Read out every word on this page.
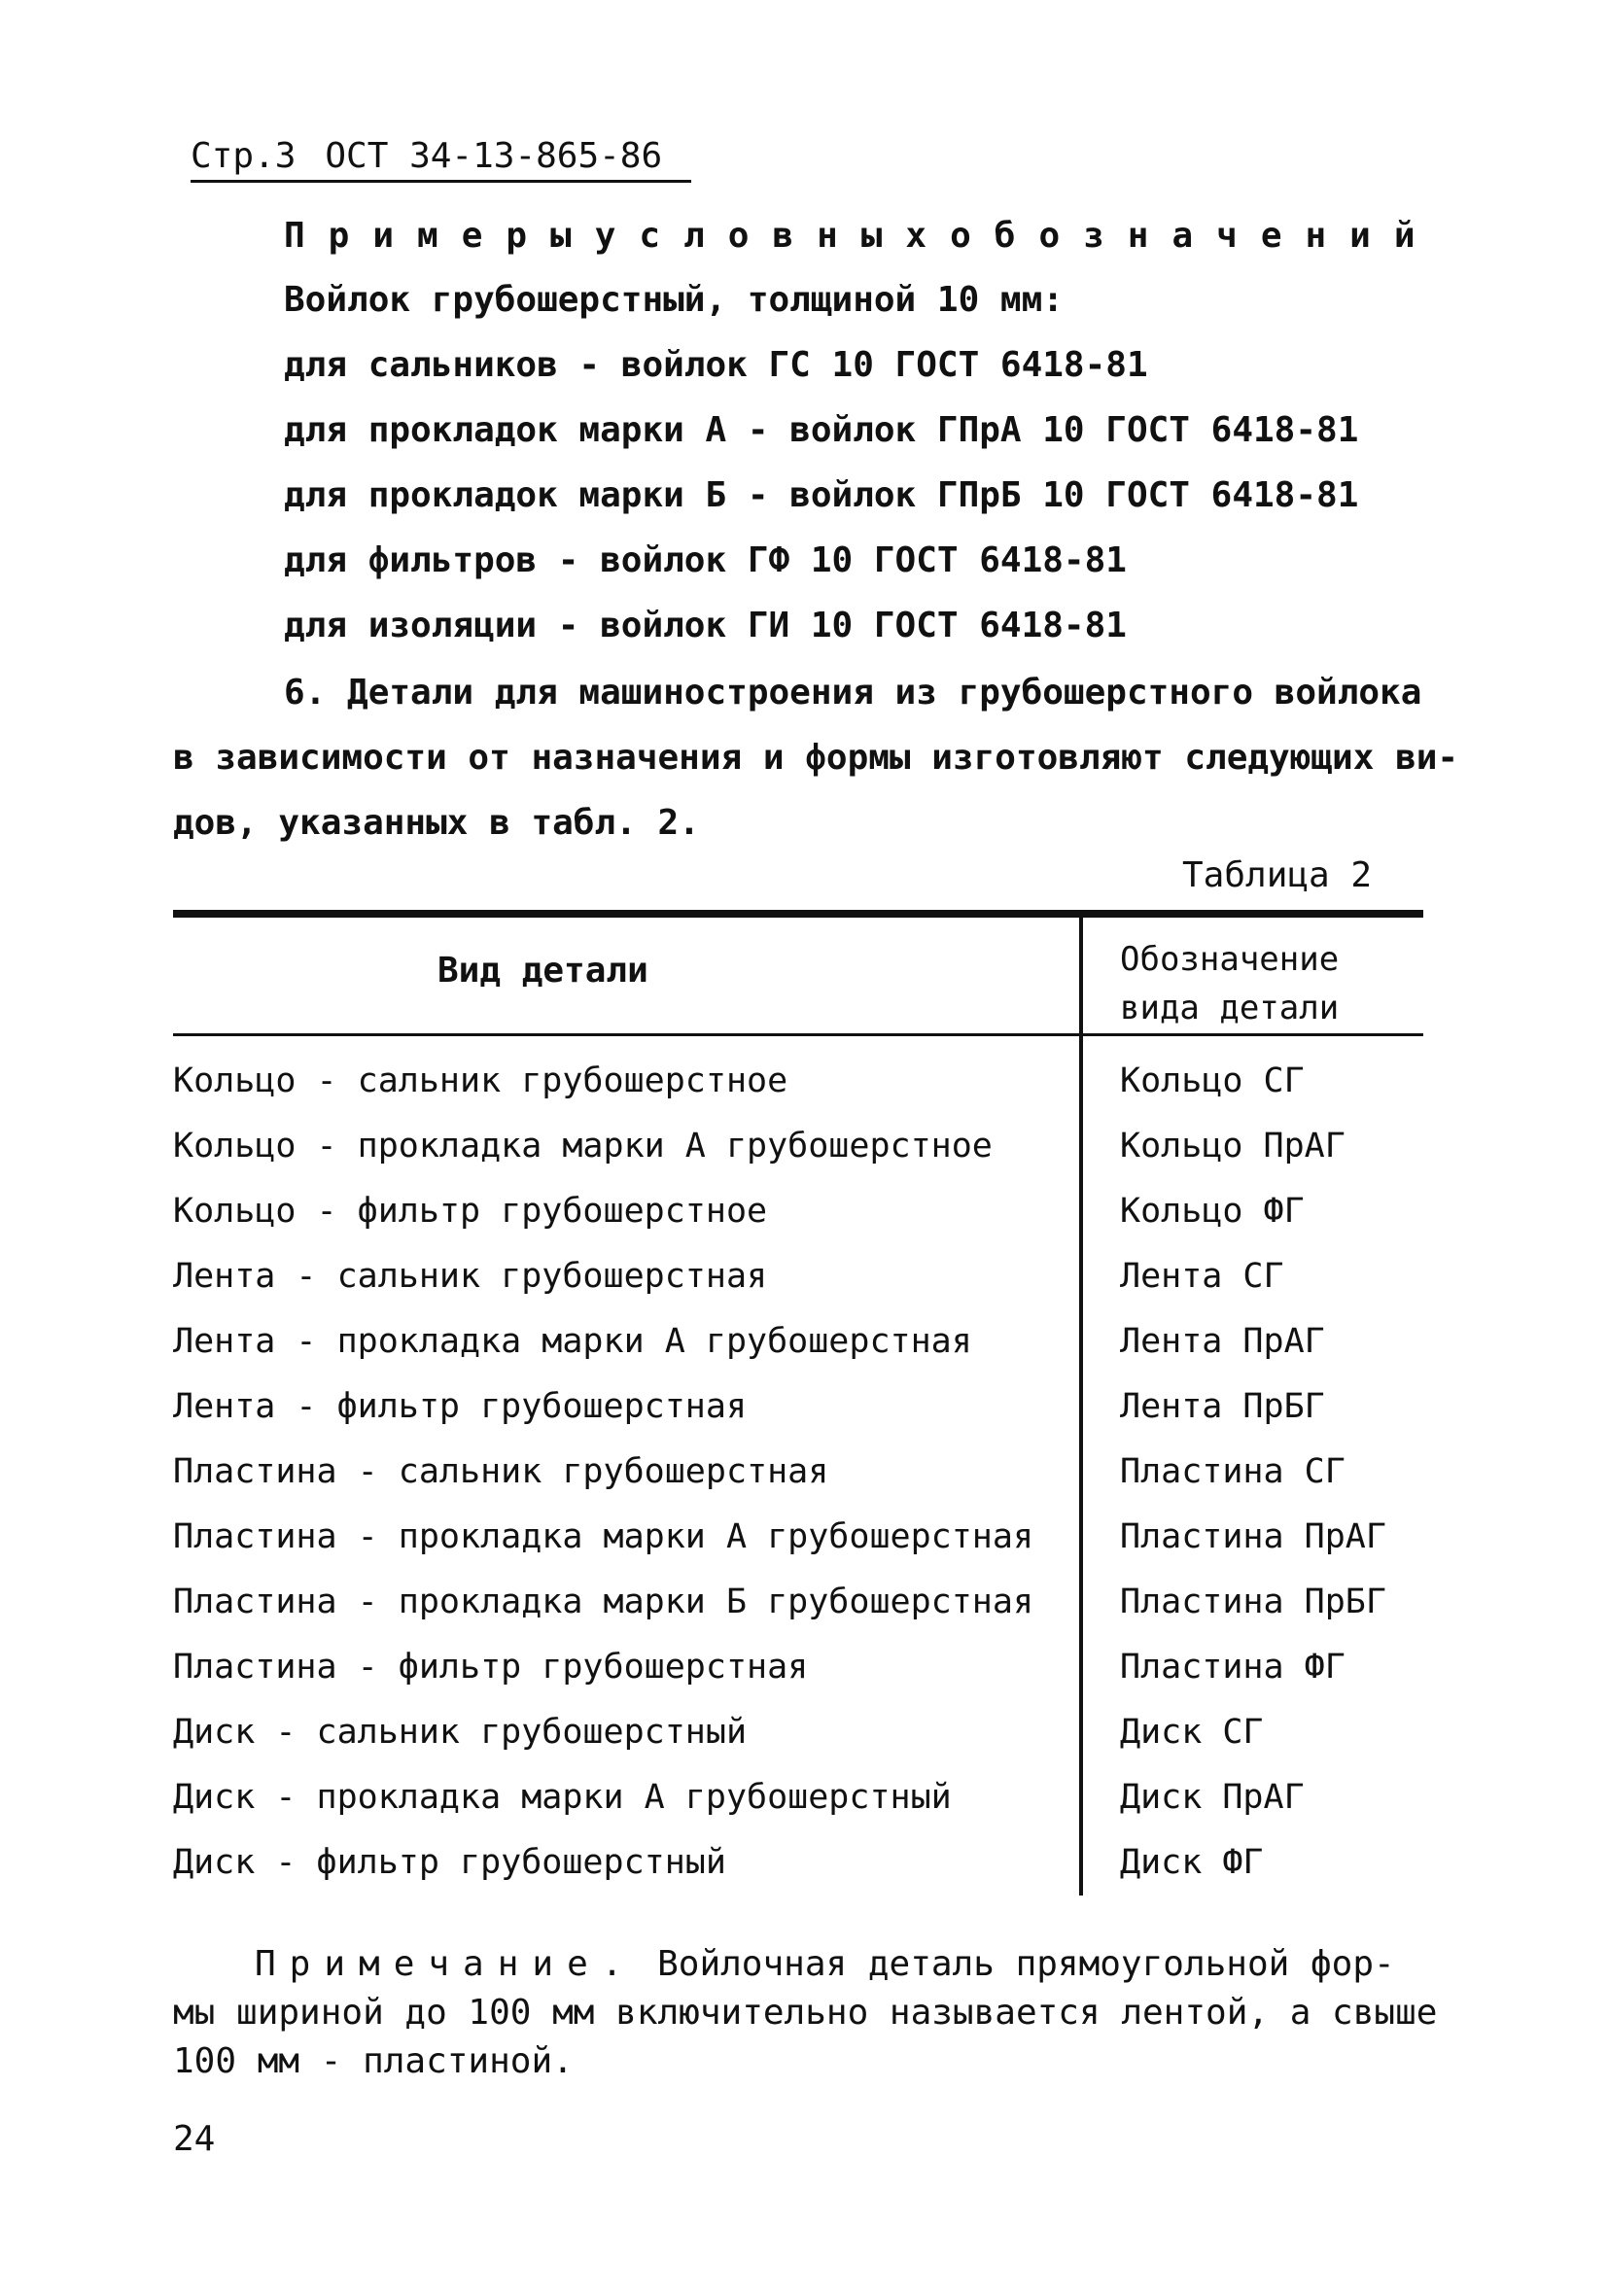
Стр.3 ОСТ 34-13-865-86
Примеры условных обозначений
Войлок грубошерстный, толщиной 10 мм:
для сальников - войлок ГС 10 ГОСТ 6418-81
для прокладок марки А - войлок ГПрА 10 ГОСТ 6418-81
для прокладок марки Б - войлок ГПрБ 10 ГОСТ 6418-81
для фильтров - войлок ГФ 10 ГОСТ 6418-81
для изоляции - войлок ГИ 10 ГОСТ 6418-81
6. Детали для машиностроения из грубошерстного войлока
в зависимости от назначения и формы изготовляют следующих ви-
дов, указанных в табл. 2.
Таблица 2
Вид детали	Обозначение
вида детали
Кольцо - сальник грубошерстное	Кольцо СГ
Кольцо - прокладка марки А грубошерстное	Кольцо ПрАГ
Кольцо - фильтр грубошерстное	Кольцо ФГ
Лента - сальник грубошерстная	Лента СГ
Лента - прокладка марки А грубошерстная	Лента ПрАГ
Лента - фильтр грубошерстная	Лента ПрБГ
Пластина - сальник грубошерстная	Пластина СГ
Пластина - прокладка марки А грубошерстная	Пластина ПрАГ
Пластина - прокладка марки Б грубошерстная	Пластина ПрБГ
Пластина - фильтр грубошерстная	Пластина ФГ
Диск - сальник грубошерстный	Диск СГ
Диск - прокладка марки А грубошерстный	Диск ПрАГ
Диск - фильтр грубошерстный	Диск ФГ
Примечание. Войлочная деталь прямоугольной фор-
мы шириной до 100 мм включительно называется лентой, а свыше
100 мм - пластиной.
24
